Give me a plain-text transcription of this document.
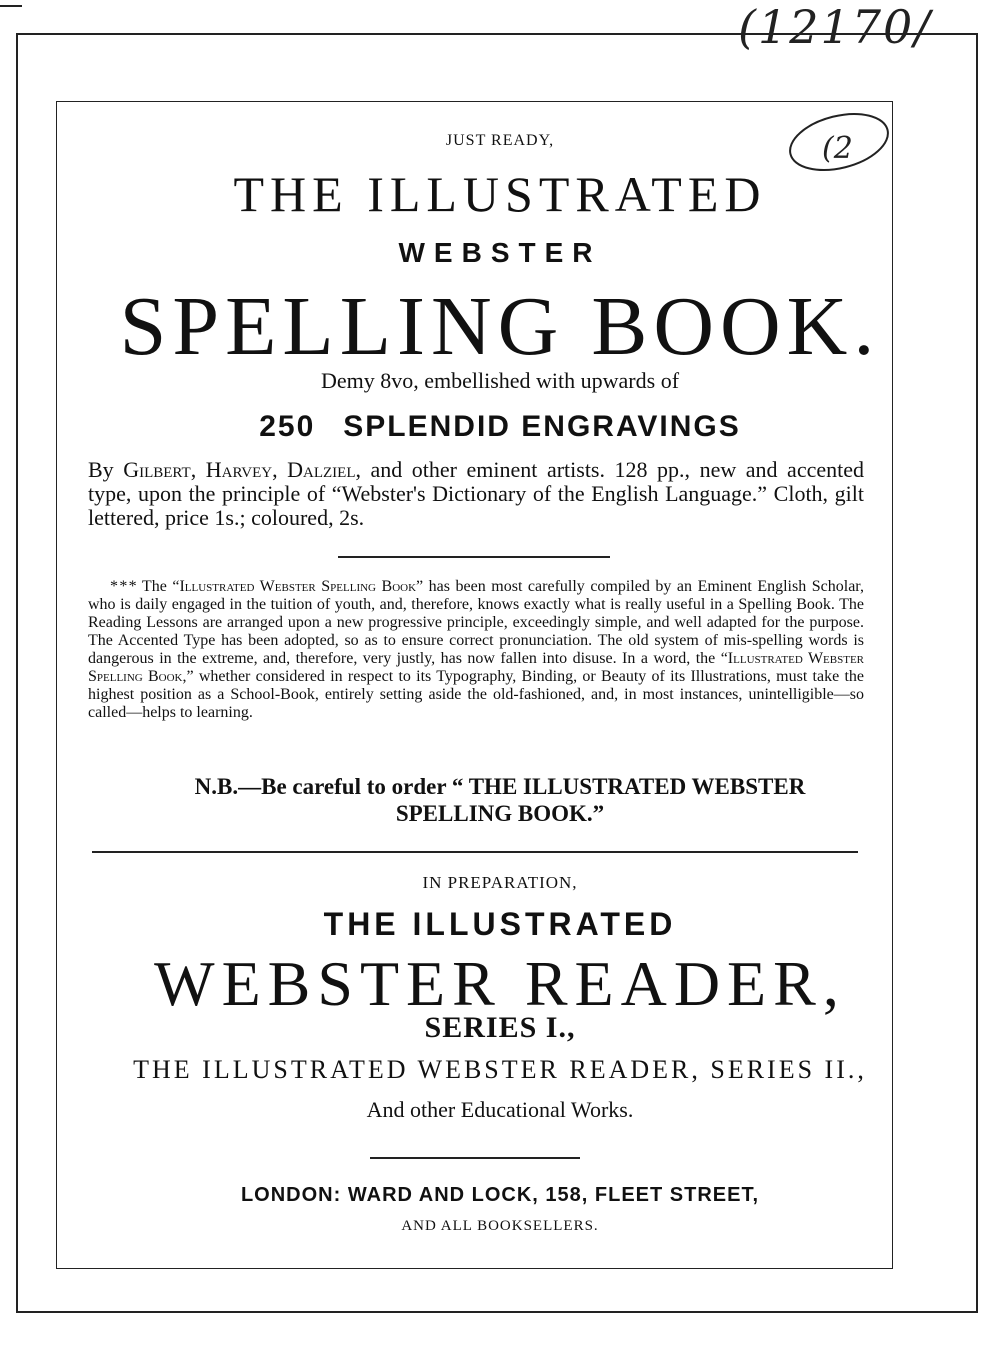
(12170/
(2
JUST READY,
THE ILLUSTRATED
WEBSTER
SPELLING BOOK.
Demy 8vo, embellished with upwards of
250 SPLENDID ENGRAVINGS
By Gilbert, Harvey, Dalziel, and other eminent artists. 128 pp., new and accented type, upon the principle of “Webster's Dictionary of the English Language.” Cloth, gilt lettered, price 1s.; coloured, 2s.
* * * The “Illustrated Webster Spelling Book” has been most carefully compiled by an Eminent English Scholar, who is daily engaged in the tuition of youth, and, therefore, knows exactly what is really useful in a Spelling Book. The Reading Lessons are arranged upon a new progressive principle, exceedingly simple, and well adapted for the purpose. The Accented Type has been adopted, so as to ensure correct pronunciation. The old system of mis-spelling words is dangerous in the extreme, and, therefore, very justly, has now fallen into disuse. In a word, the “Illustrated Webster Spelling Book,” whether considered in respect to its Typography, Binding, or Beauty of its Illustrations, must take the highest position as a School-Book, entirely setting aside the old-fashioned, and, in most instances, unintelligible—so called—helps to learning.
N.B.—Be careful to order “ THE ILLUSTRATED WEBSTER
SPELLING BOOK.”
IN PREPARATION,
THE ILLUSTRATED
WEBSTER READER,
SERIES I.,
THE ILLUSTRATED WEBSTER READER, SERIES II.,
And other Educational Works.
LONDON: WARD AND LOCK, 158, FLEET STREET,
AND ALL BOOKSELLERS.
